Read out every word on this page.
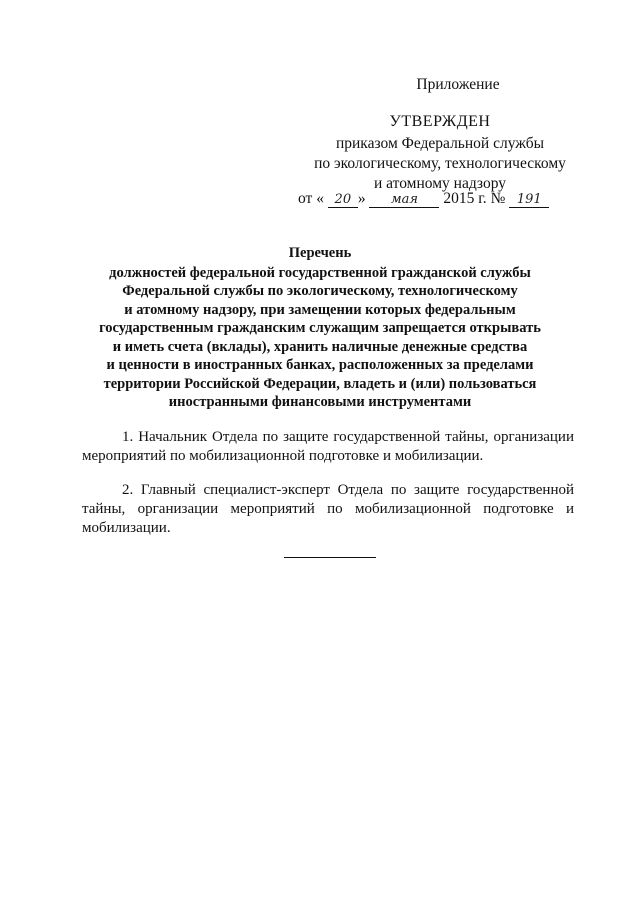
Приложение
УТВЕРЖДЕН
приказом Федеральной службы
по экологическому, технологическому
и атомному надзору
от « 20 » мая 2015 г. № 191
Перечень
должностей федеральной государственной гражданской службы
Федеральной службы по экологическому, технологическому
и атомному надзору, при замещении которых федеральным
государственным гражданским служащим запрещается открывать
и иметь счета (вклады), хранить наличные денежные средства
и ценности в иностранных банках, расположенных за пределами
территории Российской Федерации, владеть и (или) пользоваться
иностранными финансовыми инструментами

1. Начальник Отдела по защите государственной тайны, организации мероприятий по мобилизационной подготовке и мобилизации.

2. Главный специалист-эксперт Отдела по защите государственной тайны, организации мероприятий по мобилизационной подготовке и мобилизации.
